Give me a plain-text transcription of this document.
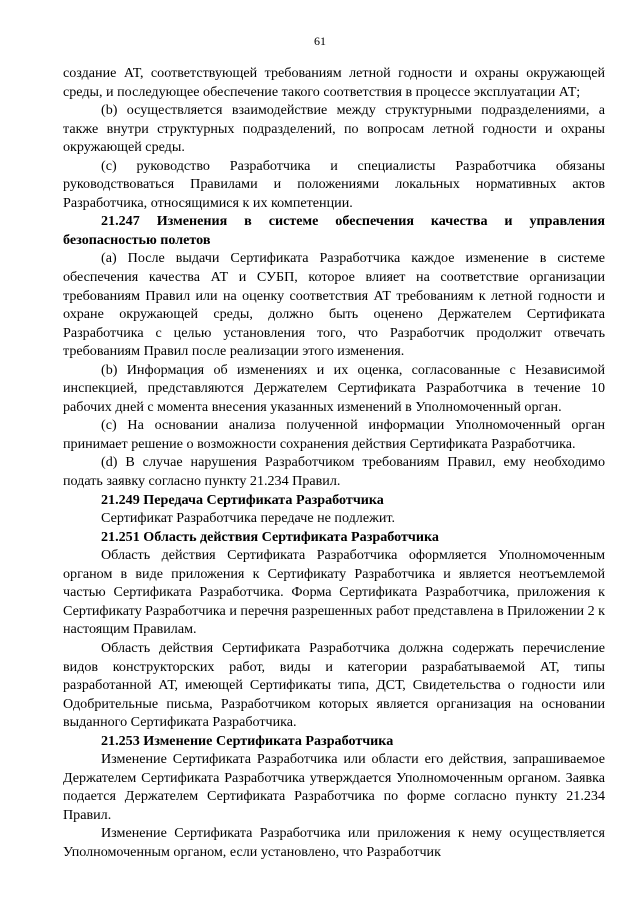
61

создание АТ, соответствующей требованиям летной годности и охраны окружающей среды, и последующее обеспечение такого соответствия в процессе эксплуатации АТ;

(b) осуществляется взаимодействие между структурными подразделениями, а также внутри структурных подразделений, по вопросам летной годности и охраны окружающей среды.

(c) руководство Разработчика и специалисты Разработчика обязаны руководствоваться Правилами и положениями локальных нормативных актов Разработчика, относящимися к их компетенции.

21.247 Изменения в системе обеспечения качества и управления безопасностью полетов

(a) После выдачи Сертификата Разработчика каждое изменение в системе обеспечения качества АТ и СУБП, которое влияет на соответствие организации требованиям Правил или на оценку соответствия АТ требованиям к летной годности и охране окружающей среды, должно быть оценено Держателем Сертификата Разработчика с целью установления того, что Разработчик продолжит отвечать требованиям Правил после реализации этого изменения.

(b) Информация об изменениях и их оценка, согласованные с Независимой инспекцией, представляются Держателем Сертификата Разработчика в течение 10 рабочих дней с момента внесения указанных изменений в Уполномоченный орган.

(c) На основании анализа полученной информации Уполномоченный орган принимает решение о возможности сохранения действия Сертификата Разработчика.

(d) В случае нарушения Разработчиком требованиям Правил, ему необходимо подать заявку согласно пункту 21.234 Правил.

21.249 Передача Сертификата Разработчика

Сертификат Разработчика передаче не подлежит.

21.251 Область действия Сертификата Разработчика

Область действия Сертификата Разработчика оформляется Уполномоченным органом в виде приложения к Сертификату Разработчика и является неотъемлемой частью Сертификата Разработчика. Форма Сертификата Разработчика, приложения к Сертификату Разработчика и перечня разрешенных работ представлена в Приложении 2 к настоящим Правилам.

Область действия Сертификата Разработчика должна содержать перечисление видов конструкторских работ, виды и категории разрабатываемой АТ, типы разработанной АТ, имеющей Сертификаты типа, ДСТ, Свидетельства о годности или Одобрительные письма, Разработчиком которых является организация на основании выданного Сертификата Разработчика.

21.253 Изменение Сертификата Разработчика

Изменение Сертификата Разработчика или области его действия, запрашиваемое Держателем Сертификата Разработчика утверждается Уполномоченным органом. Заявка подается Держателем Сертификата Разработчика по форме согласно пункту 21.234 Правил.

Изменение Сертификата Разработчика или приложения к нему осуществляется Уполномоченным органом, если установлено, что Разработчик
